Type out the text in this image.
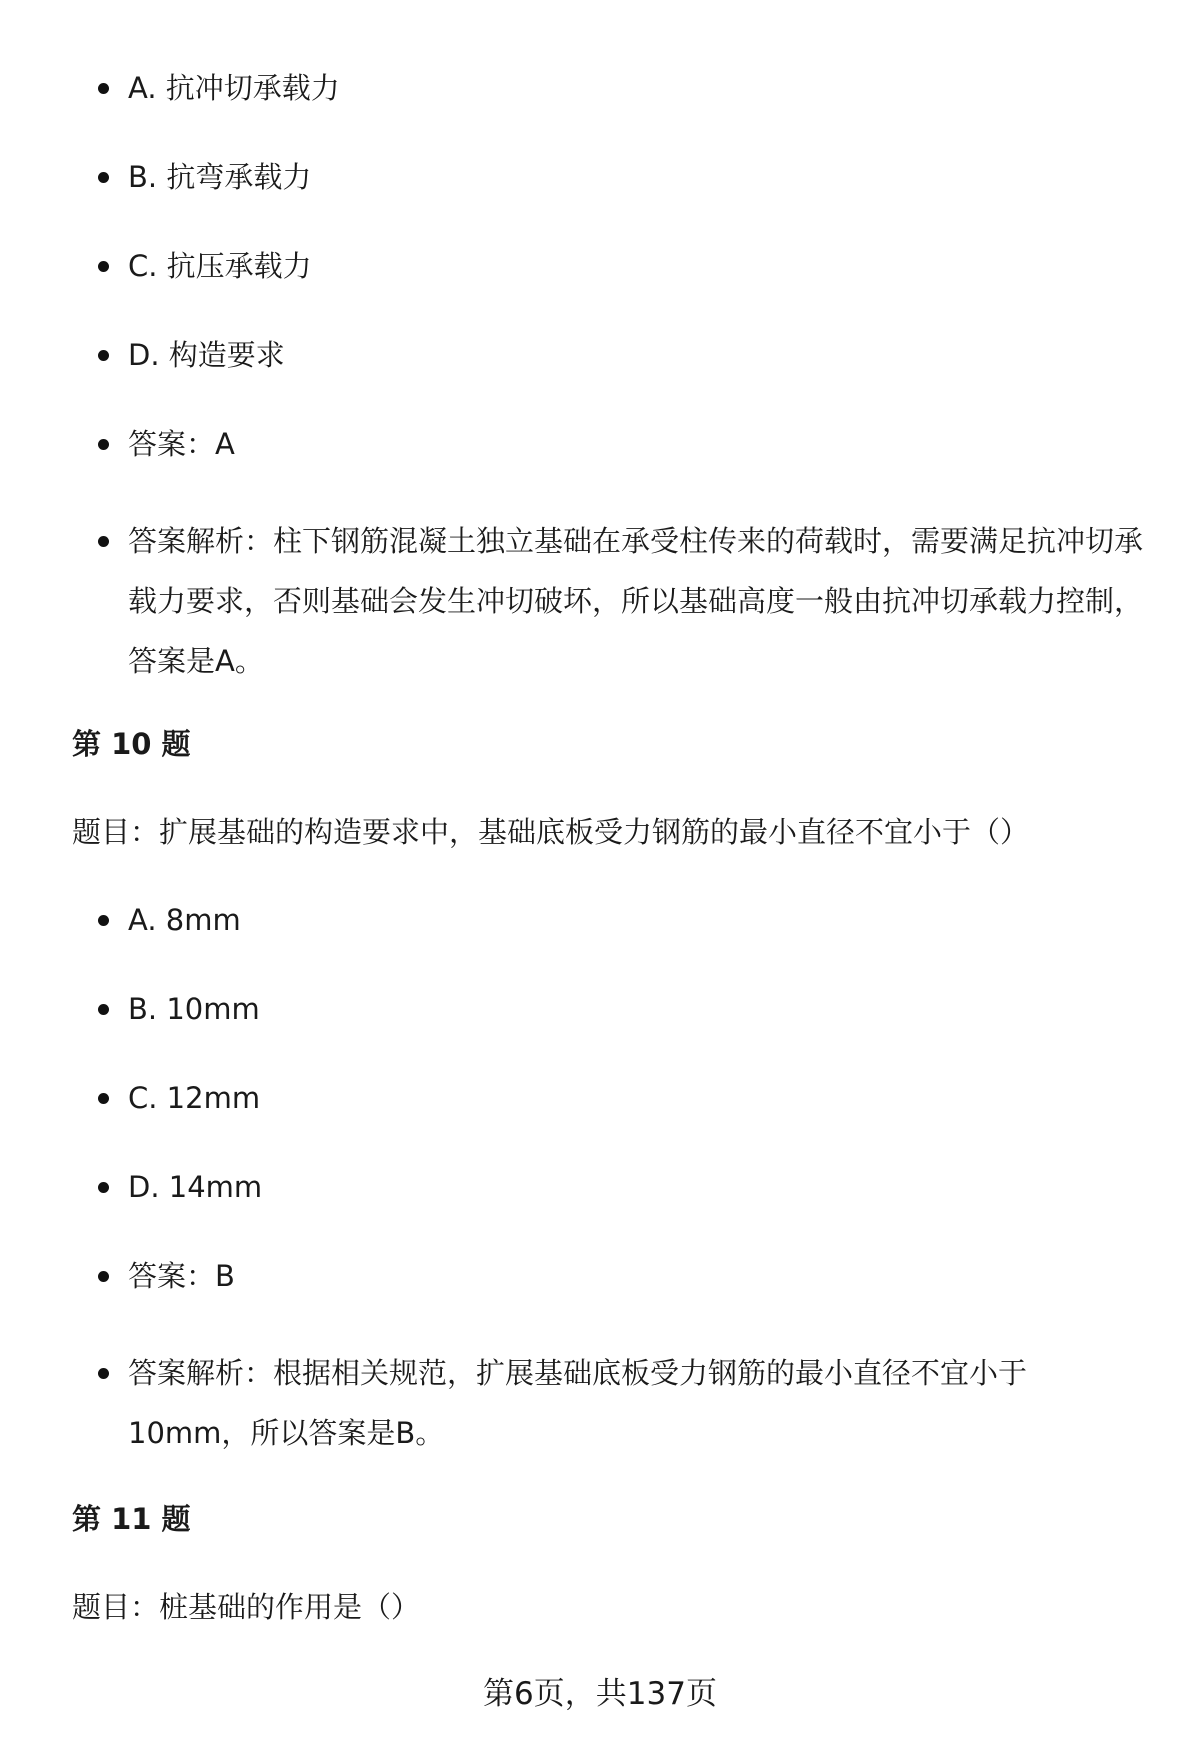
A. 抗冲切承载力
B. 抗弯承载力
C. 抗压承载力
D. 构造要求
答案：A
答案解析：柱下钢筋混凝土独立基础在承受柱传来的荷载时，需要满足抗冲切承载力要求，否则基础会发生冲切破坏，所以基础高度一般由抗冲切承载力控制，答案是A。
第 10 题
题目：扩展基础的构造要求中，基础底板受力钢筋的最小直径不宜小于（）
A. 8mm
B. 10mm
C. 12mm
D. 14mm
答案：B
答案解析：根据相关规范，扩展基础底板受力钢筋的最小直径不宜小于10mm，所以答案是B。
第 11 题
题目：桩基础的作用是（）
第6页，共137页
